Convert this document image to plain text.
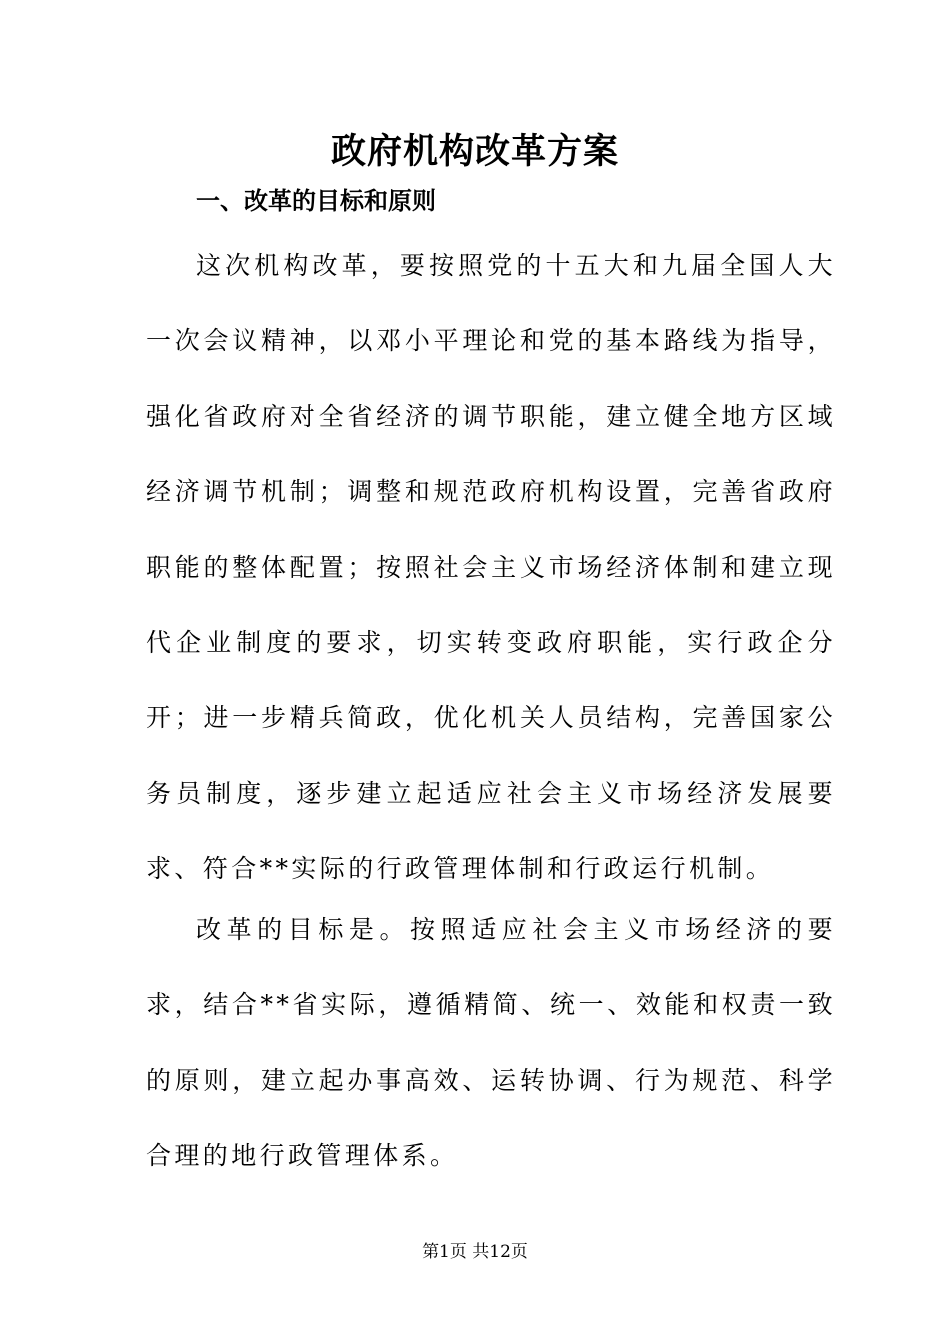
政府机构改革方案
一、改革的目标和原则

这次机构改革，要按照党的十五大和九届全国人大一次会议精神，以邓小平理论和党的基本路线为指导，强化省政府对全省经济的调节职能，建立健全地方区域经济调节机制；调整和规范政府机构设置，完善省政府职能的整体配置；按照社会主义市场经济体制和建立现代企业制度的要求，切实转变政府职能，实行政企分开；进一步精兵简政，优化机关人员结构，完善国家公务员制度，逐步建立起适应社会主义市场经济发展要求、符合**实际的行政管理体制和行政运行机制。

改革的目标是。按照适应社会主义市场经济的要求，结合**省实际，遵循精简、统一、效能和权责一致的原则，建立起办事高效、运转协调、行为规范、科学合理的地行政管理体系。

第1页 共12页
